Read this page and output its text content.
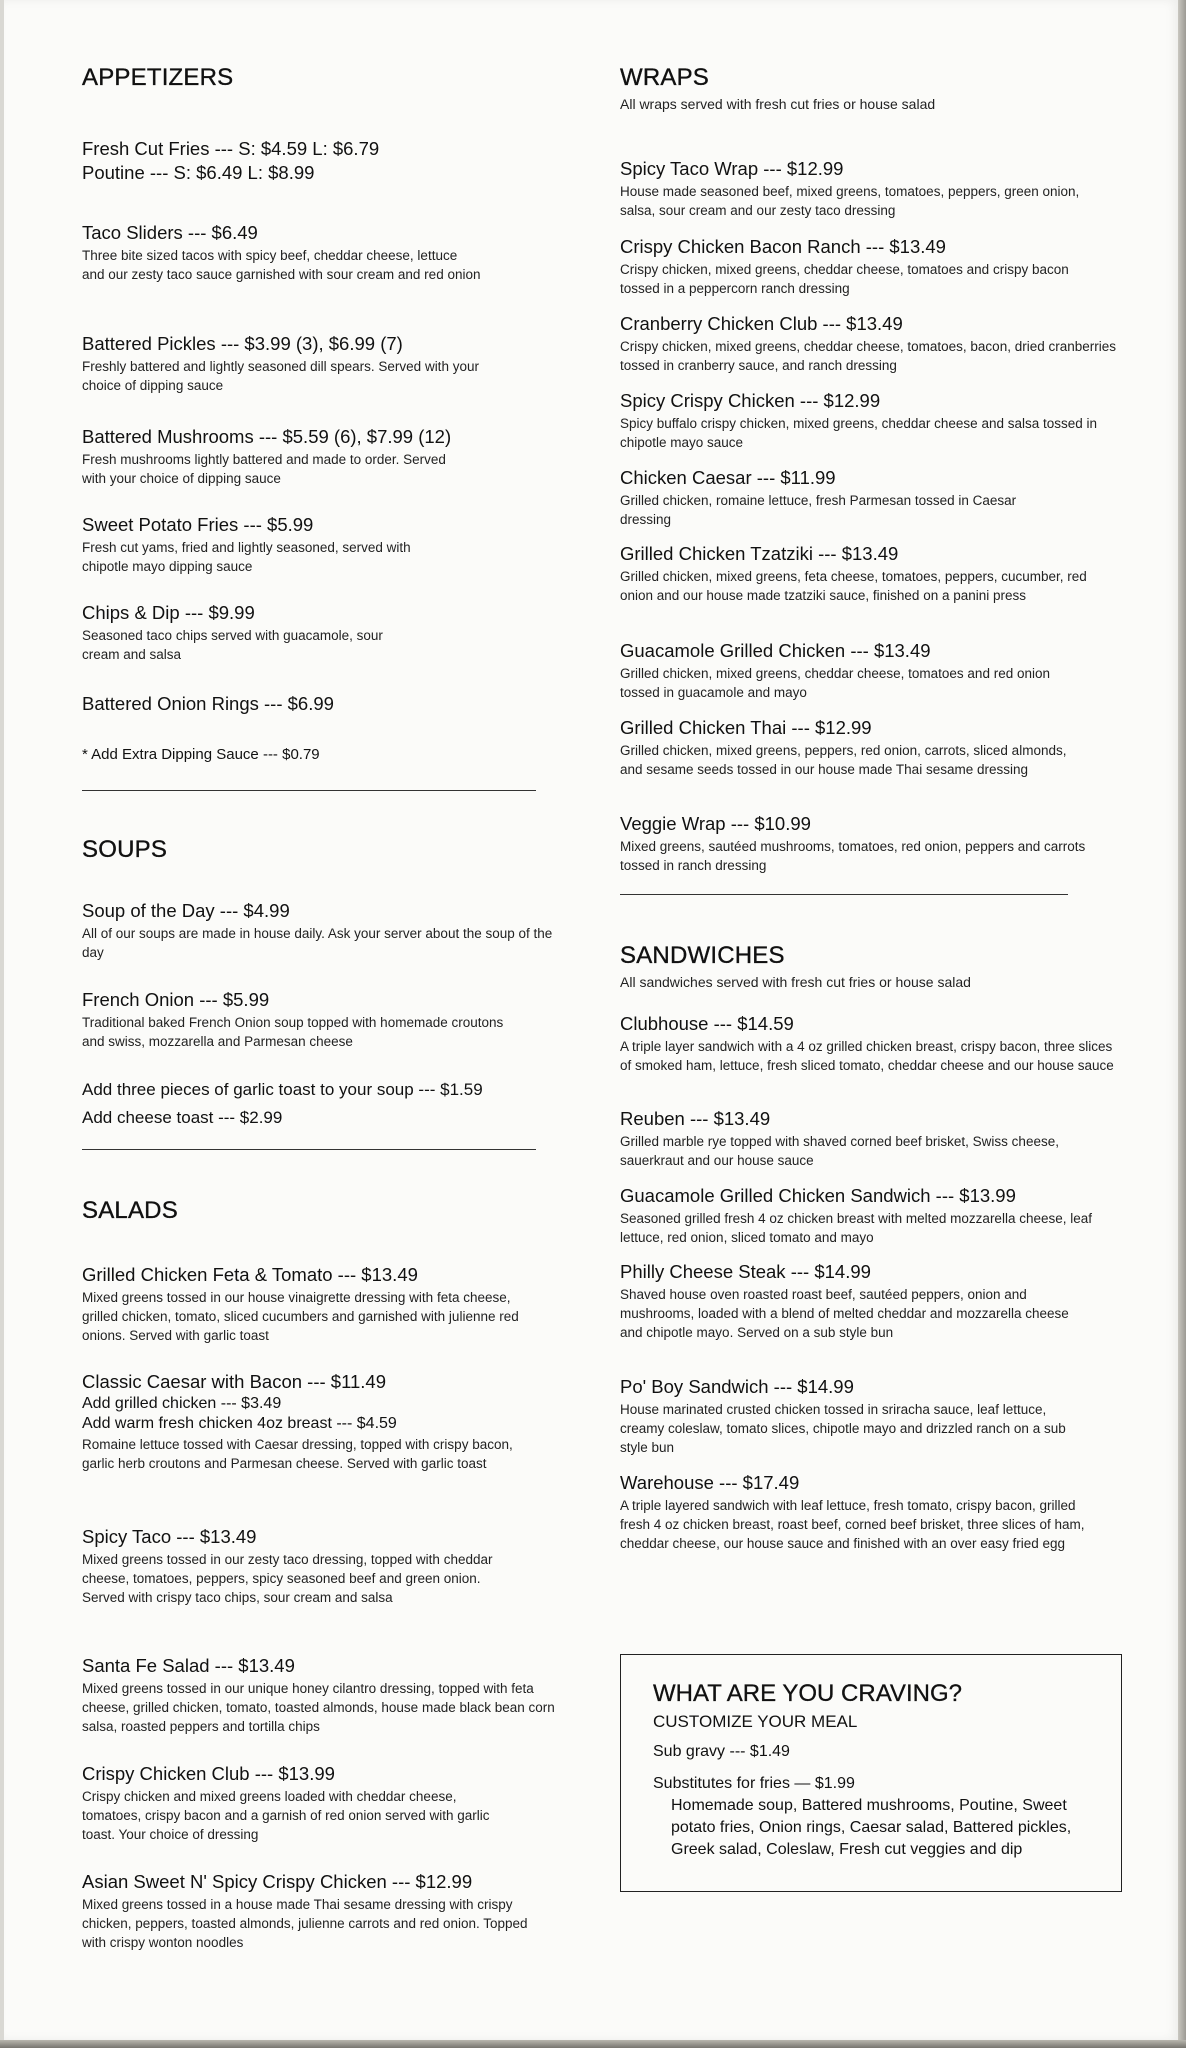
APPETIZERS
Fresh Cut Fries --- S: $4.59 L: $6.79
Poutine --- S: $6.49 L: $8.99
Taco Sliders --- $6.49
Three bite sized tacos with spicy beef, cheddar cheese, lettuce and our zesty taco sauce garnished with sour cream and red onion
Battered Pickles --- $3.99 (3), $6.99 (7)
Freshly battered and lightly seasoned dill spears. Served with your choice of dipping sauce
Battered Mushrooms --- $5.59 (6), $7.99 (12)
Fresh mushrooms lightly battered and made to order. Served with your choice of dipping sauce
Sweet Potato Fries --- $5.99
Fresh cut yams, fried and lightly seasoned, served with chipotle mayo dipping sauce
Chips & Dip --- $9.99
Seasoned taco chips served with guacamole, sour cream and salsa
Battered Onion Rings --- $6.99
* Add Extra Dipping Sauce --- $0.79
SOUPS
Soup of the Day --- $4.99
All of our soups are made in house daily. Ask your server about the soup of the day
French Onion --- $5.99
Traditional baked French Onion soup topped with homemade croutons and swiss, mozzarella and Parmesan cheese
Add three pieces of garlic toast to your soup --- $1.59
Add cheese toast --- $2.99
SALADS
Grilled Chicken Feta & Tomato --- $13.49
Mixed greens tossed in our house vinaigrette dressing with feta cheese, grilled chicken, tomato, sliced cucumbers and garnished with julienne red onions. Served with garlic toast
Classic Caesar with Bacon --- $11.49
Add grilled chicken --- $3.49
Add warm fresh chicken 4oz breast --- $4.59
Romaine lettuce tossed with Caesar dressing, topped with crispy bacon, garlic herb croutons and Parmesan cheese. Served with garlic toast
Spicy Taco --- $13.49
Mixed greens tossed in our zesty taco dressing, topped with cheddar cheese, tomatoes, peppers, spicy seasoned beef and green onion. Served with crispy taco chips, sour cream and salsa
Santa Fe Salad --- $13.49
Mixed greens tossed in our unique honey cilantro dressing, topped with feta cheese, grilled chicken, tomato, toasted almonds, house made black bean corn salsa, roasted peppers and tortilla chips
Crispy Chicken Club --- $13.99
Crispy chicken and mixed greens loaded with cheddar cheese, tomatoes, crispy bacon and a garnish of red onion served with garlic toast. Your choice of dressing
Asian Sweet N' Spicy Crispy Chicken --- $12.99
Mixed greens tossed in a house made Thai sesame dressing with crispy chicken, peppers, toasted almonds, julienne carrots and red onion. Topped with crispy wonton noodles
WRAPS
All wraps served with fresh cut fries or house salad
Spicy Taco Wrap --- $12.99
House made seasoned beef, mixed greens, tomatoes, peppers, green onion, salsa, sour cream and our zesty taco dressing
Crispy Chicken Bacon Ranch --- $13.49
Crispy chicken, mixed greens, cheddar cheese, tomatoes and crispy bacon tossed in a peppercorn ranch dressing
Cranberry Chicken Club --- $13.49
Crispy chicken, mixed greens, cheddar cheese, tomatoes, bacon, dried cranberries tossed in cranberry sauce, and ranch dressing
Spicy Crispy Chicken --- $12.99
Spicy buffalo crispy chicken, mixed greens, cheddar cheese and salsa tossed in chipotle mayo sauce
Chicken Caesar --- $11.99
Grilled chicken, romaine lettuce, fresh Parmesan tossed in Caesar dressing
Grilled Chicken Tzatziki --- $13.49
Grilled chicken, mixed greens, feta cheese, tomatoes, peppers, cucumber, red onion and our house made tzatziki sauce, finished on a panini press
Guacamole Grilled Chicken --- $13.49
Grilled chicken, mixed greens, cheddar cheese, tomatoes and red onion tossed in guacamole and mayo
Grilled Chicken Thai --- $12.99
Grilled chicken, mixed greens, peppers, red onion, carrots, sliced almonds, and sesame seeds tossed in our house made Thai sesame dressing
Veggie Wrap --- $10.99
Mixed greens, sautéed mushrooms, tomatoes, red onion, peppers and carrots tossed in ranch dressing
SANDWICHES
All sandwiches served with fresh cut fries or house salad
Clubhouse --- $14.59
A triple layer sandwich with a 4 oz grilled chicken breast, crispy bacon, three slices of smoked ham, lettuce, fresh sliced tomato, cheddar cheese and our house sauce
Reuben --- $13.49
Grilled marble rye topped with shaved corned beef brisket, Swiss cheese, sauerkraut and our house sauce
Guacamole Grilled Chicken Sandwich --- $13.99
Seasoned grilled fresh 4 oz chicken breast with melted mozzarella cheese, leaf lettuce, red onion, sliced tomato and mayo
Philly Cheese Steak --- $14.99
Shaved house oven roasted roast beef, sautéed peppers, onion and mushrooms, loaded with a blend of melted cheddar and mozzarella cheese and chipotle mayo. Served on a sub style bun
Po' Boy Sandwich --- $14.99
House marinated crusted chicken tossed in sriracha sauce, leaf lettuce, creamy coleslaw, tomato slices, chipotle mayo and drizzled ranch on a sub style bun
Warehouse --- $17.49
A triple layered sandwich with leaf lettuce, fresh tomato, crispy bacon, grilled fresh 4 oz chicken breast, roast beef, corned beef brisket, three slices of ham, cheddar cheese, our house sauce and finished with an over easy fried egg
WHAT ARE YOU CRAVING?
CUSTOMIZE YOUR MEAL
Sub gravy --- $1.49
Substitutes for fries — $1.99
Homemade soup, Battered mushrooms, Poutine, Sweet potato fries, Onion rings, Caesar salad, Battered pickles, Greek salad, Coleslaw, Fresh cut veggies and dip
